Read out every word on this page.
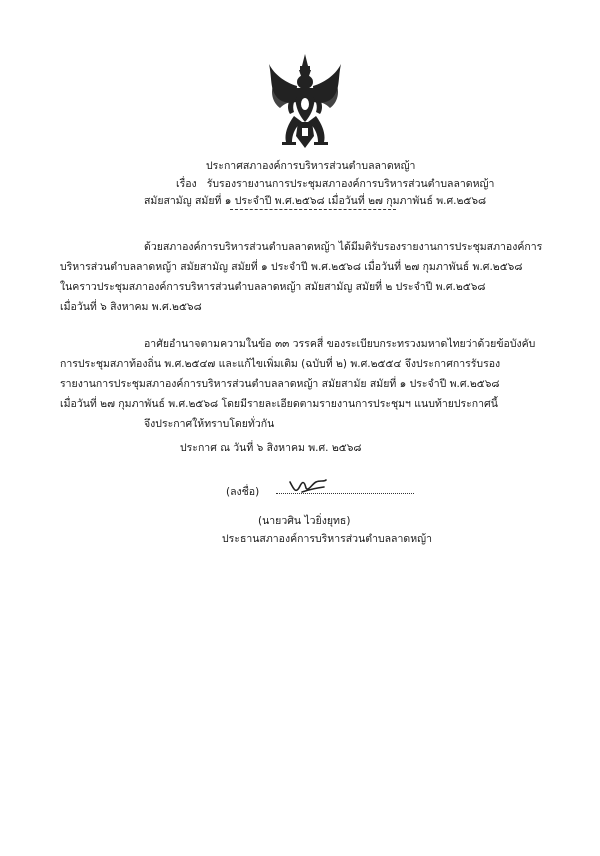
ประกาศสภาองค์การบริหารส่วนตำบลลาดหญ้า
เรื่อง รับรองรายงานการประชุมสภาองค์การบริหารส่วนตำบลลาดหญ้า
สมัยสามัญ สมัยที่ ๑ ประจำปี พ.ศ.๒๕๖๘ เมื่อวันที่ ๒๗ กุมภาพันธ์ พ.ศ.๒๕๖๘
ด้วยสภาองค์การบริหารส่วนตำบลลาดหญ้า ได้มีมติรับรองรายงานการประชุมสภาองค์การ
บริหารส่วนตำบลลาดหญ้า สมัยสามัญ สมัยที่ ๑ ประจำปี พ.ศ.๒๕๖๘ เมื่อวันที่ ๒๗ กุมภาพันธ์ พ.ศ.๒๕๖๘
ในคราวประชุมสภาองค์การบริหารส่วนตำบลลาดหญ้า สมัยสามัญ สมัยที่ ๒ ประจำปี พ.ศ.๒๕๖๘
เมื่อวันที่ ๖ สิงหาคม พ.ศ.๒๕๖๘
อาศัยอำนาจตามความในข้อ ๓๓ วรรคสี่ ของระเบียบกระทรวงมหาดไทยว่าด้วยข้อบังคับ
การประชุมสภาท้องถิ่น พ.ศ.๒๕๔๗ และแก้ไขเพิ่มเติม (ฉบับที่ ๒) พ.ศ.๒๕๕๔ จึงประกาศการรับรอง
รายงานการประชุมสภาองค์การบริหารส่วนตำบลลาดหญ้า สมัยสามัย สมัยที่ ๑ ประจำปี พ.ศ.๒๕๖๘
เมื่อวันที่ ๒๗ กุมภาพันธ์ พ.ศ.๒๕๖๘ โดยมีรายละเอียดตามรายงานการประชุมฯ แนบท้ายประกาศนี้
จึงประกาศให้ทราบโดยทั่วกัน
ประกาศ ณ วันที่ ๖ สิงหาคม พ.ศ. ๒๕๖๘
(ลงชื่อ)
(นายวศิน ไวยิ่งยุทธ)
ประธานสภาองค์การบริหารส่วนตำบลลาดหญ้า
